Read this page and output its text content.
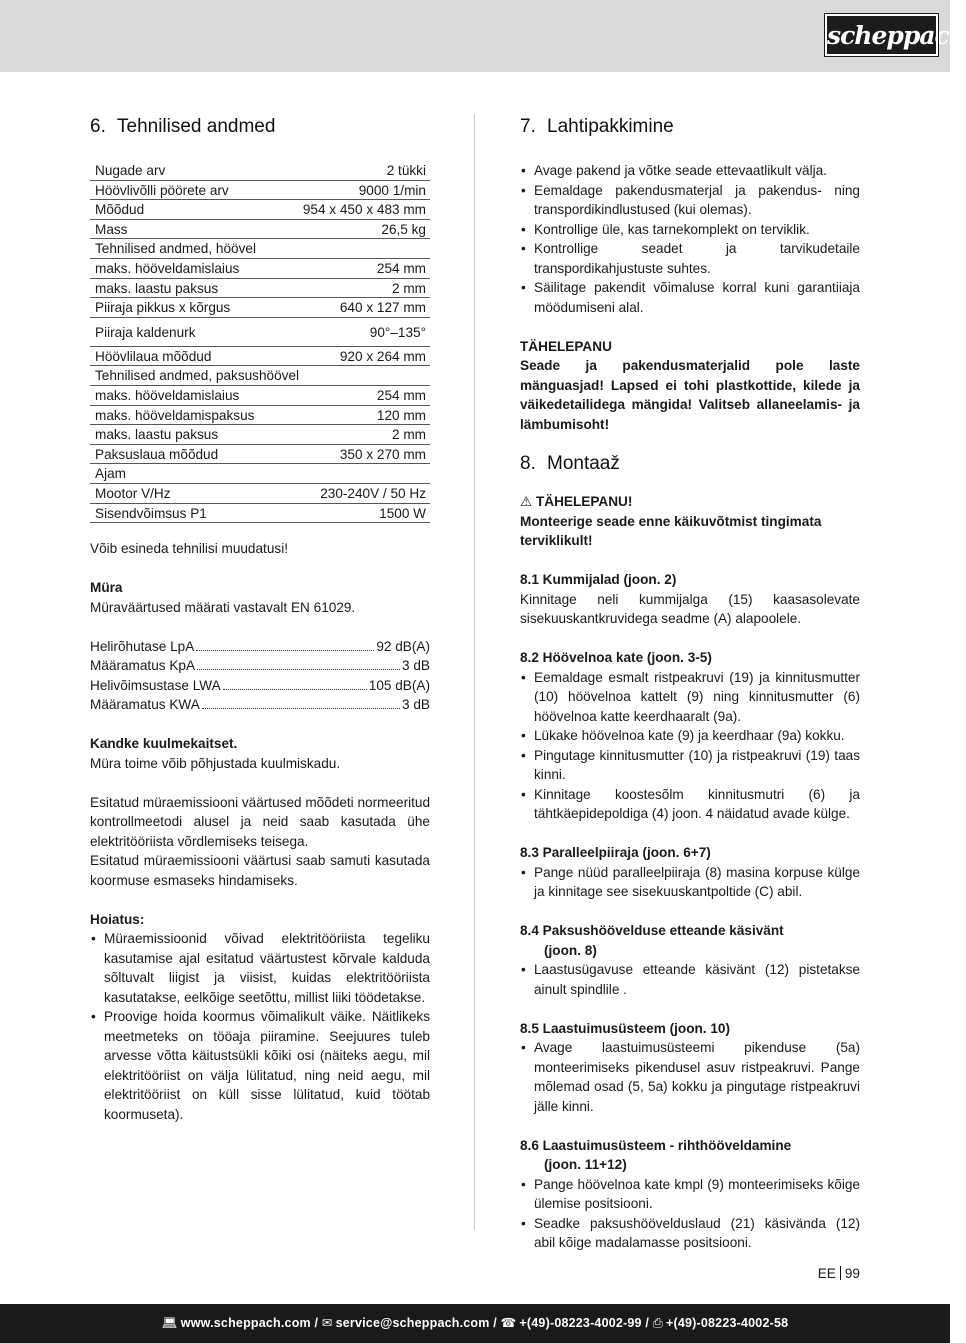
scheppach
6. Tehnilised andmed
Nugade arv	2 tükki
Höövlivõlli pöörete arv	9000 1/min
Mõõdud	954 x 450 x 483 mm
Mass	26,5 kg
Tehnilised andmed, höövel
maks. hööveldamislaius	254 mm
maks. laastu paksus	2 mm
Piiraja pikkus x kõrgus	640 x 127 mm
Piiraja kaldenurk	90°–135°
Höövlilaua mõõdud	920 x 264 mm
Tehnilised andmed, paksushöövel
maks. hööveldamislaius	254 mm
maks. hööveldamispaksus	120 mm
maks. laastu paksus	2 mm
Paksuslaua mõõdud	350 x 270 mm
Ajam
Mootor V/Hz	230-240V / 50 Hz
Sisendvõimsus P1	1500 W

Võib esineda tehnilisi muudatusi!

Müra

Müraväärtused määrati vastavalt EN 61029.

Helirõhutase LpA	92 dB(A)
Määramatus KpA	3 dB
Helivõimsustase LWA	105 dB(A)
Määramatus KWA	3 dB

Kandke kuulmekaitset.

Müra toime võib põhjustada kuulmiskadu.

Esitatud müraemissiooni väärtused mõõdeti normeeritud kontrollmeetodi alusel ja neid saab kasutada ühe elektritööriista võrdlemiseks teisega.

Esitatud müraemissiooni väärtusi saab samuti kasutada koormuse esmaseks hindamiseks.

Hoiatus:

• Müraemissioonid võivad elektritööriista tegeliku kasutamise ajal esitatud väärtustest kõrvale kalduda sõltuvalt liigist ja viisist, kuidas elektritööriista kasutatakse, eelkõige seetõttu, millist liiki töödetakse.
• Proovige hoida koormus võimalikult väike. Näitlikeks meetmeteks on tööaja piiramine. Seejuures tuleb arvesse võtta käitustsükli kõiki osi (näiteks aegu, mil elektritööriist on välja lülitatud, ning neid aegu, mil elektritööriist on küll sisse lülitatud, kuid töötab koormuseta).
7. Lahtipakkimine
• Avage pakend ja võtke seade ettevaatlikult välja.
• Eemaldage pakendusmaterjal ja pakendus- ning transpordikindlustused (kui olemas).
• Kontrollige üle, kas tarnekomplekt on terviklik.
• Kontrollige seadet ja tarvikudetaile transpordikahjustuste suhtes.
• Säilitage pakendit võimaluse korral kuni garantiiaja möödumiseni alal.

TÄHELEPANU

Seade ja pakendusmaterjalid pole laste mänguasjad! Lapsed ei tohi plastkottide, kilede ja väikedetailidega mängida! Valitseb allaneelamis- ja lämbumisoht!

8. Montaaž

⚠ TÄHELEPANU!

Monteerige seade enne käikuvõtmist tingimata terviklikult!

8.1 Kummijalad (joon. 2)

Kinnitage neli kummijalga (15) kaasasolevate sisekuuskantkruvidega seadme (A) alapoolele.

8.2 Höövelnoa kate (joon. 3-5)

• Eemaldage esmalt ristpeakruvi (19) ja kinnitusmutter (10) höövelnoa kattelt (9) ning kinnitusmutter (6) höövelnoa katte keerdhaaralt (9a).
• Lükake höövelnoa kate (9) ja keerdhaar (9a) kokku.
• Pingutage kinnitusmutter (10) ja ristpeakruvi (19) taas kinni.
• Kinnitage koostesõlm kinnitusmutri (6) ja tähtkäepidepoldiga (4) joon. 4 näidatud avade külge.

8.3 Paralleelpiiraja (joon. 6+7)

• Pange nüüd paralleelpiiraja (8) masina korpuse külge ja kinnitage see sisekuuskantpoltide (C) abil.

8.4 Paksushöövelduse etteande käsivänt

(joon. 8)

• Laastusügavuse etteande käsivänt (12) pistetakse ainult spindlile .

8.5 Laastuimusüsteem (joon. 10)

• Avage laastuimusüsteemi pikenduse (5a) monteerimiseks pikendusel asuv ristpeakruvi. Pange mõlemad osad (5, 5a) kokku ja pingutage ristpeakruvi jälle kinni.

8.6 Laastuimusüsteem - rihthööveldamine

(joon. 11+12)

• Pange höövelnoa kate kmpl (9) monteerimiseks kõige ülemise positsiooni.
• Seadke paksushöövelduslaud (21) käsivända (12) abil kõige madalamasse positsiooni.
EE 99
💻︎ www.scheppach.com / ✉︎ service@scheppach.com / ☎︎ +(49)-08223-4002-99 / ⎙ +(49)-08223-4002-58
